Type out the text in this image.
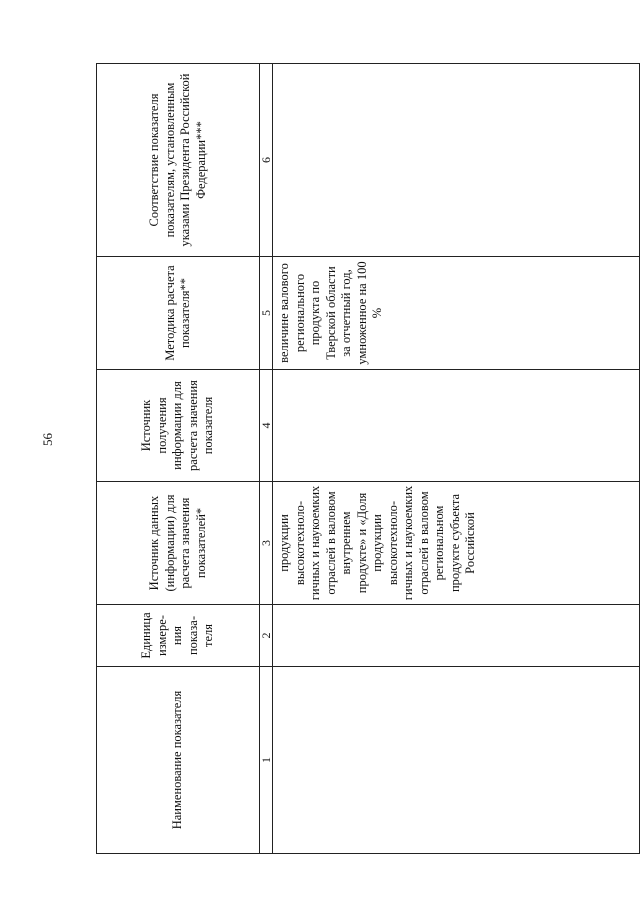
56
Наименование показателя	Единица измере-ния показа-теля	Источник данных (информации) для расчета значения показателей*	Источник получения информации для расчета значения показателя	Методика расчета показателя**	Соответствие показателя показателям, установленным указами Президента Российской Федерации***
1	2	3	4	5	6
		продукции высокотехноло-гичных и наукоемких отраслей в валовом внутреннем продукте» и «Доля продукции высокотехноло-гичных и наукоемких отраслей в валовом региональном продукте субъекта Российской		величине валового регионального продукта по Тверской области за отчетный год, умноженное на 100 %	
